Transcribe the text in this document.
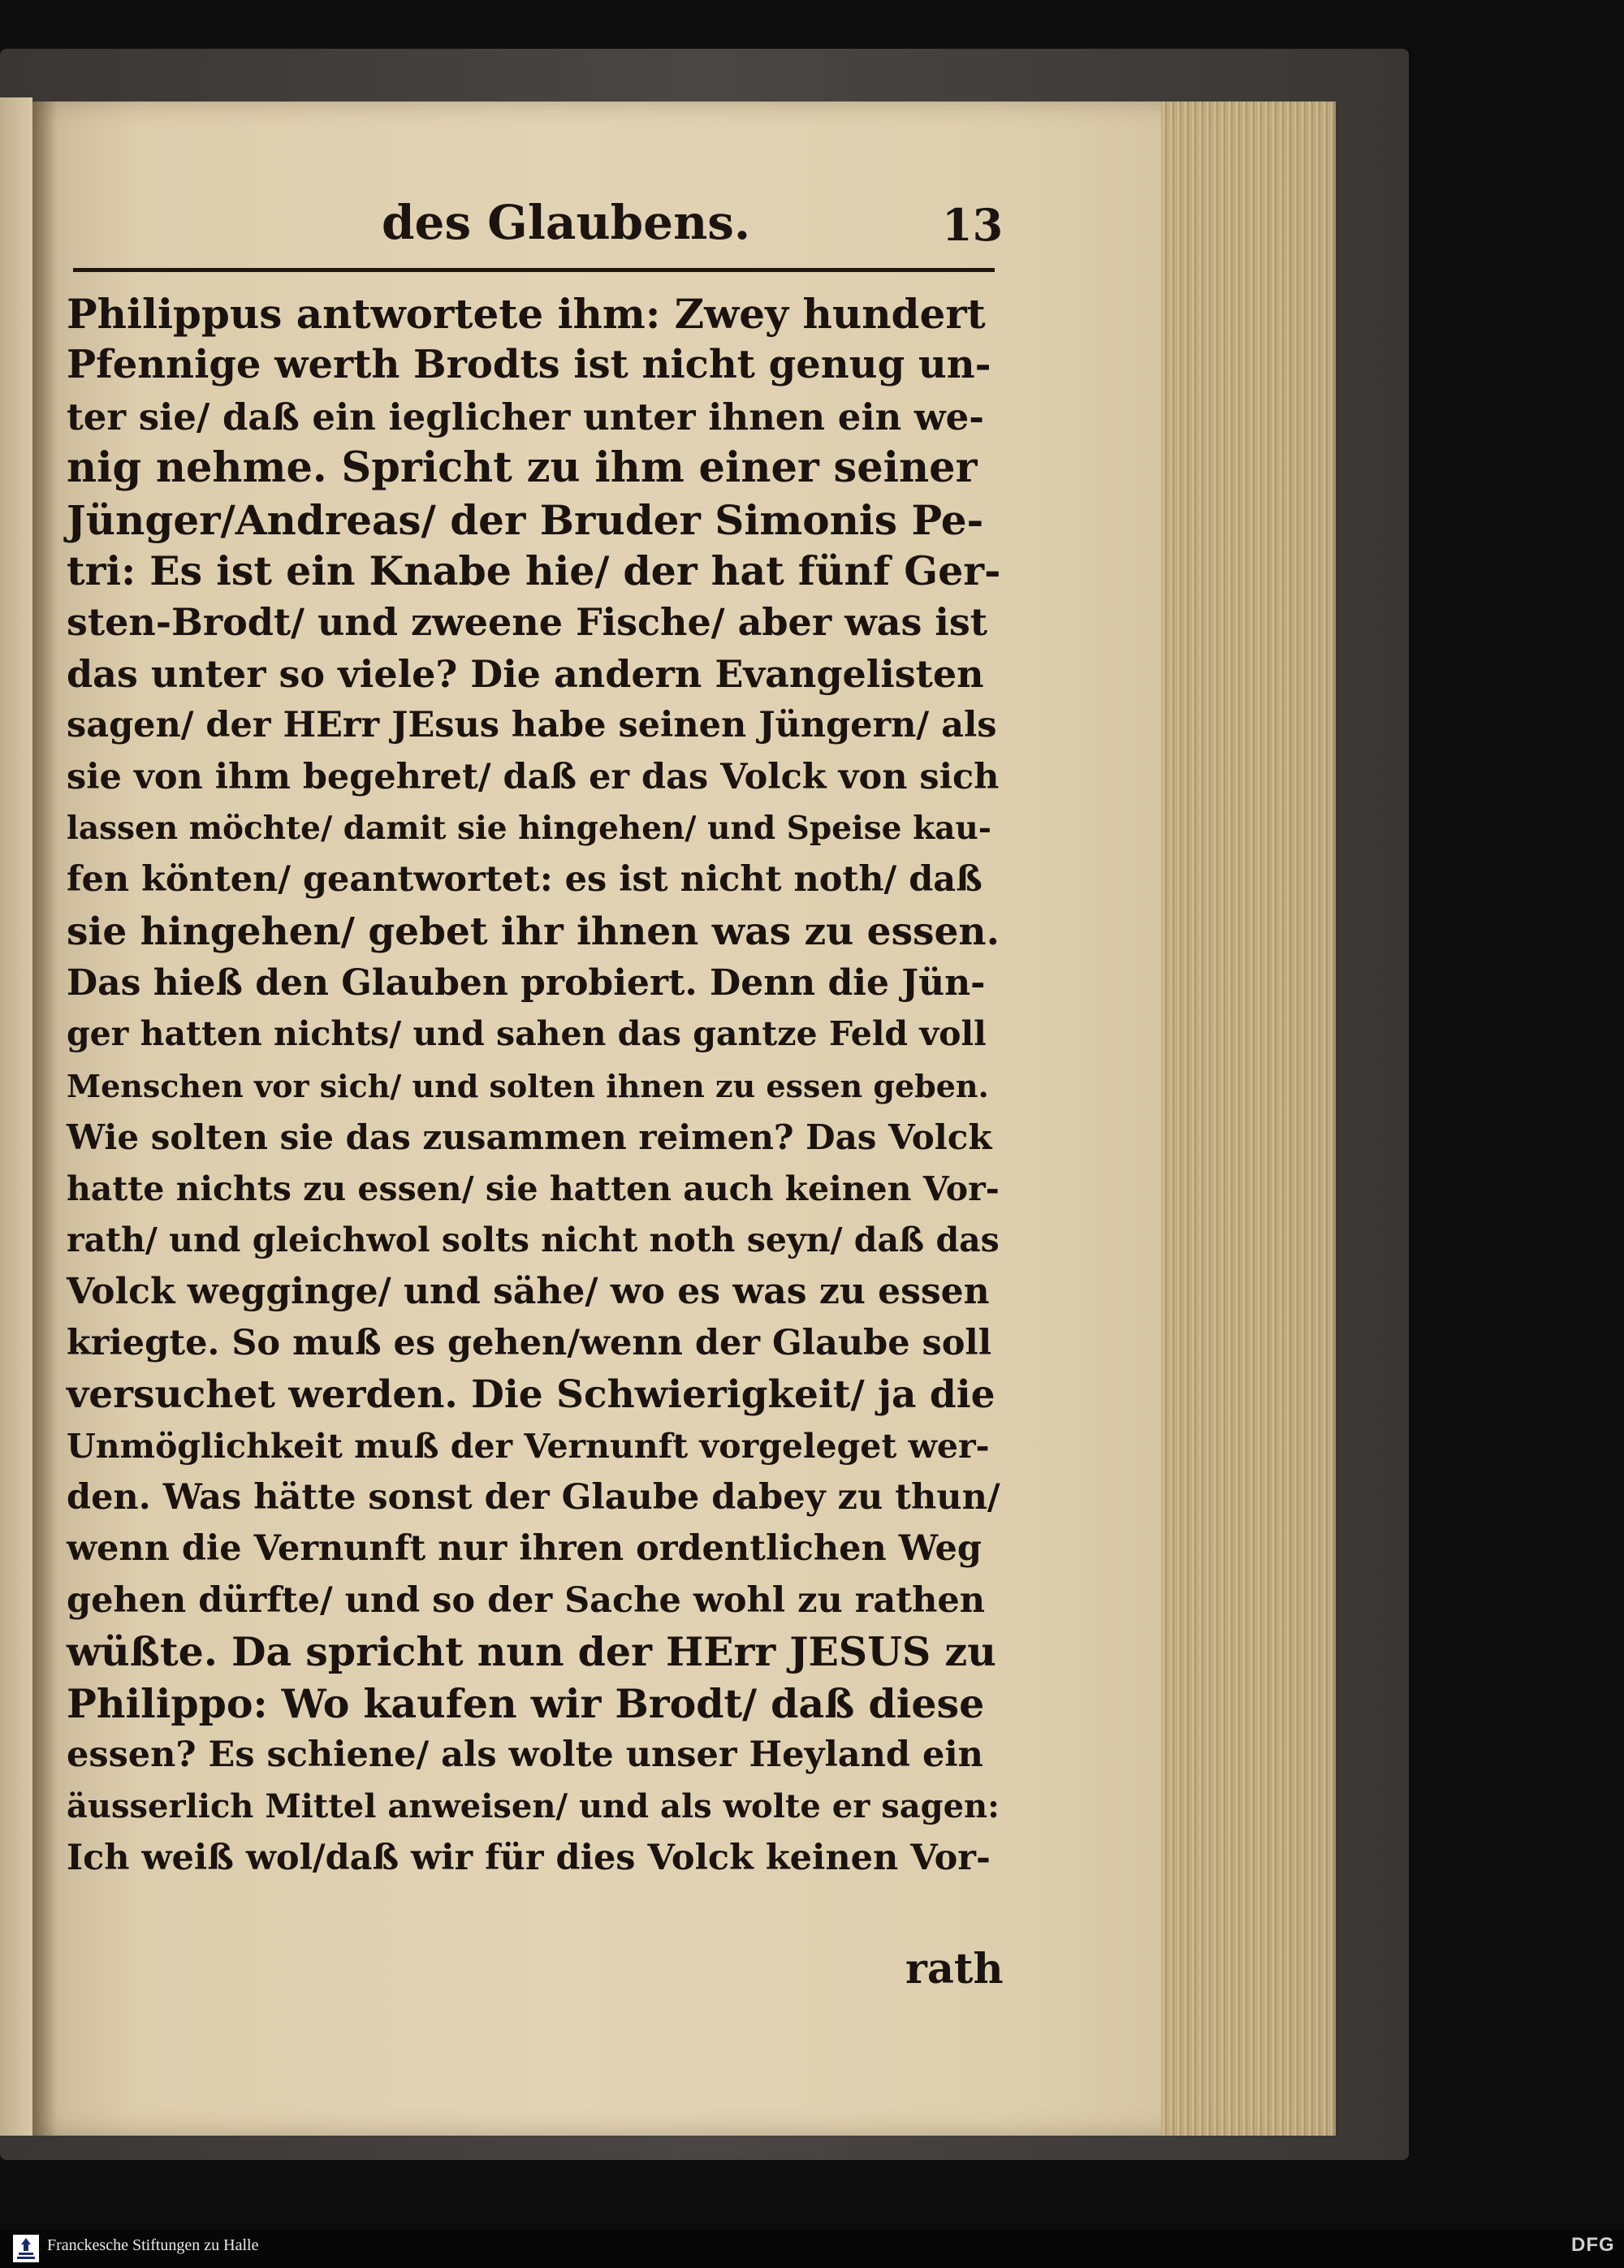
des Glaubens.	13
Philippus antwortete ihm: Zwey hundert
Pfennige werth Brodts ist nicht genug un-
ter sie/ daß ein ieglicher unter ihnen ein we-
nig nehme. Spricht zu ihm einer seiner
Jünger/Andreas/ der Bruder Simonis Pe-
tri: Es ist ein Knabe hie/ der hat fünf Ger-
sten-Brodt/ und zweene Fische/ aber was ist
das unter so viele? Die andern Evangelisten
sagen/ der HErr JEsus habe seinen Jüngern/ als
sie von ihm begehret/ daß er das Volck von sich
lassen möchte/ damit sie hingehen/ und Speise kau-
fen könten/ geantwortet: es ist nicht noth/ daß
sie hingehen/ gebet ihr ihnen was zu essen.
Das hieß den Glauben probiert. Denn die Jün-
ger hatten nichts/ und sahen das gantze Feld voll
Menschen vor sich/ und solten ihnen zu essen geben.
Wie solten sie das zusammen reimen? Das Volck
hatte nichts zu essen/ sie hatten auch keinen Vor-
rath/ und gleichwol solts nicht noth seyn/ daß das
Volck wegginge/ und sähe/ wo es was zu essen
kriegte. So muß es gehen/wenn der Glaube soll
versuchet werden. Die Schwierigkeit/ ja die
Unmöglichkeit muß der Vernunft vorgeleget wer-
den. Was hätte sonst der Glaube dabey zu thun/
wenn die Vernunft nur ihren ordentlichen Weg
gehen dürfte/ und so der Sache wohl zu rathen
wüßte. Da spricht nun der HErr JESUS zu
Philippo: Wo kaufen wir Brodt/ daß diese
essen? Es schiene/ als wolte unser Heyland ein
äusserlich Mittel anweisen/ und als wolte er sagen:
Ich weiß wol/daß wir für dies Volck keinen Vor-
rath
Franckesche Stiftungen zu Halle	DFG
